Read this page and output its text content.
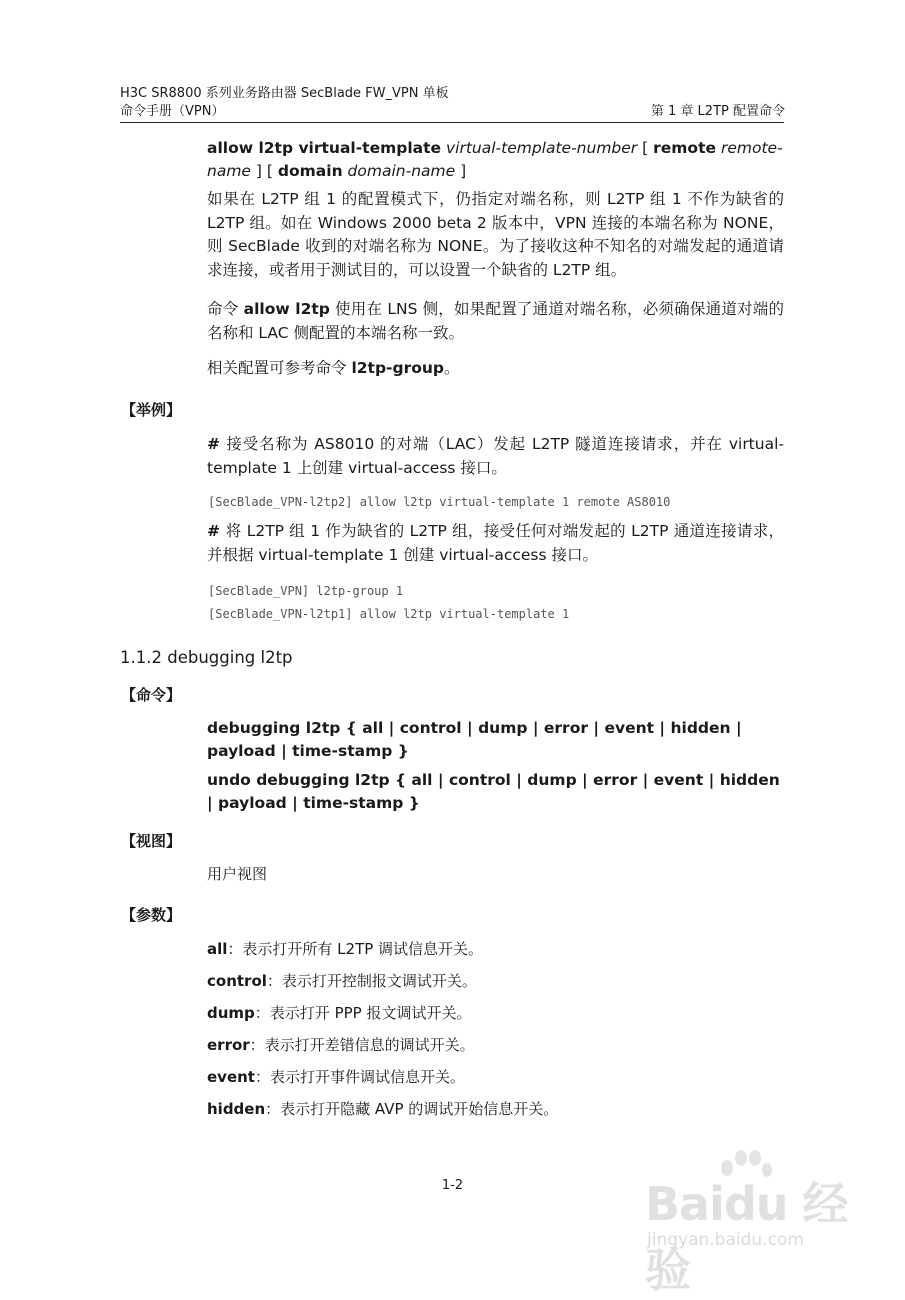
H3C SR8800 系列业务路由器 SecBlade FW_VPN 单板
命令手册（VPN）	第 1 章 L2TP 配置命令
allow l2tp virtual-template virtual-template-number [ remote remote-name ] [ domain domain-name ]
如果在 L2TP 组 1 的配置模式下，仍指定对端名称，则 L2TP 组 1 不作为缺省的 L2TP 组。如在 Windows 2000 beta 2 版本中，VPN 连接的本端名称为 NONE，则 SecBlade 收到的对端名称为 NONE。为了接收这种不知名的对端发起的通道请求连接，或者用于测试目的，可以设置一个缺省的 L2TP 组。
命令 allow l2tp 使用在 LNS 侧，如果配置了通道对端名称，必须确保通道对端的名称和 LAC 侧配置的本端名称一致。
相关配置可参考命令 l2tp-group。
【举例】
# 接受名称为 AS8010 的对端（LAC）发起 L2TP 隧道连接请求，并在 virtual-template 1 上创建 virtual-access 接口。
[SecBlade_VPN-l2tp2] allow l2tp virtual-template 1 remote AS8010
# 将 L2TP 组 1 作为缺省的 L2TP 组，接受任何对端发起的 L2TP 通道连接请求，并根据 virtual-template 1 创建 virtual-access 接口。
[SecBlade_VPN] l2tp-group 1
[SecBlade_VPN-l2tp1] allow l2tp virtual-template 1
1.1.2 debugging l2tp
【命令】
debugging l2tp { all | control | dump | error | event | hidden | payload | time-stamp }
undo debugging l2tp { all | control | dump | error | event | hidden | payload | time-stamp }
【视图】
用户视图
【参数】
all：表示打开所有 L2TP 调试信息开关。
control：表示打开控制报文调试开关。
dump：表示打开 PPP 报文调试开关。
error：表示打开差错信息的调试开关。
event：表示打开事件调试信息开关。
hidden：表示打开隐藏 AVP 的调试开始信息开关。
1-2	Baidu 经验
jingyan.baidu.com
